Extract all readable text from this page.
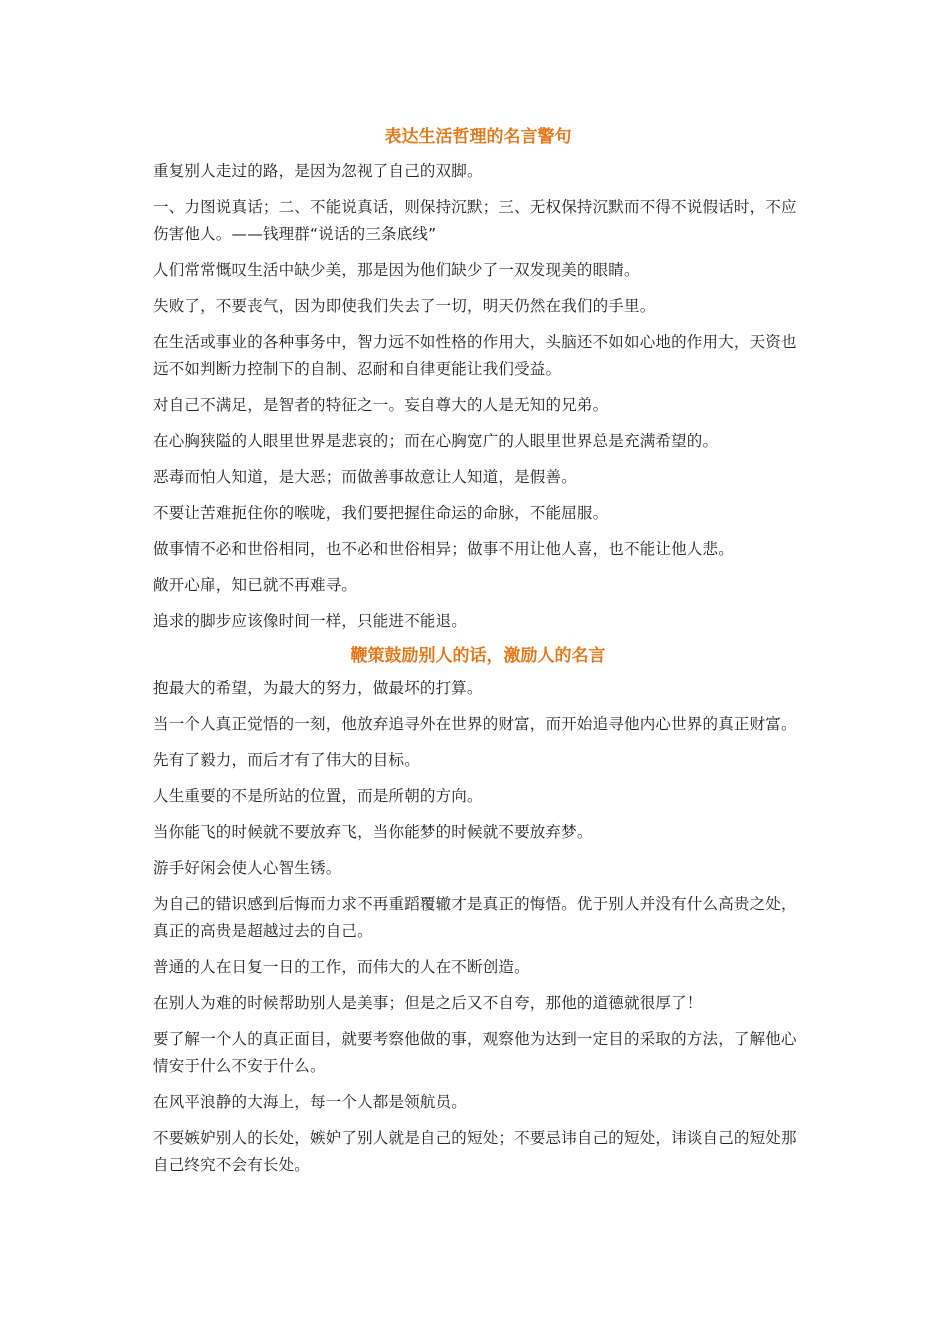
表达生活哲理的名言警句

重复别人走过的路，是因为忽视了自己的双脚。

一、力图说真话；二、不能说真话，则保持沉默；三、无权保持沉默而不得不说假话时，不应伤害他人。——钱理群“说话的三条底线”

人们常常慨叹生活中缺少美，那是因为他们缺少了一双发现美的眼睛。

失败了，不要丧气，因为即使我们失去了一切，明天仍然在我们的手里。

在生活或事业的各种事务中，智力远不如性格的作用大，头脑还不如如心地的作用大，天资也远不如判断力控制下的自制、忍耐和自律更能让我们受益。

对自己不满足，是智者的特征之一。妄自尊大的人是无知的兄弟。

在心胸狭隘的人眼里世界是悲哀的；而在心胸宽广的人眼里世界总是充满希望的。

恶毒而怕人知道，是大恶；而做善事故意让人知道，是假善。

不要让苦难扼住你的喉咙，我们要把握住命运的命脉，不能屈服。

做事情不必和世俗相同，也不必和世俗相异；做事不用让他人喜，也不能让他人悲。

敞开心扉，知已就不再难寻。

追求的脚步应该像时间一样，只能进不能退。

鞭策鼓励别人的话，激励人的名言

抱最大的希望，为最大的努力，做最坏的打算。

当一个人真正觉悟的一刻，他放弃追寻外在世界的财富，而开始追寻他内心世界的真正财富。

先有了毅力，而后才有了伟大的目标。

人生重要的不是所站的位置，而是所朝的方向。

当你能飞的时候就不要放弃飞，当你能梦的时候就不要放弃梦。

游手好闲会使人心智生锈。

为自己的错识感到后悔而力求不再重蹈覆辙才是真正的悔悟。优于别人并没有什么高贵之处，真正的高贵是超越过去的自己。

普通的人在日复一日的工作，而伟大的人在不断创造。

在别人为难的时候帮助别人是美事；但是之后又不自夸，那他的道德就很厚了！

要了解一个人的真正面目，就要考察他做的事，观察他为达到一定目的采取的方法，了解他心情安于什么不安于什么。

在风平浪静的大海上，每一个人都是领航员。

不要嫉妒别人的长处，嫉妒了别人就是自己的短处；不要忌讳自己的短处，讳谈自己的短处那自己终究不会有长处。
